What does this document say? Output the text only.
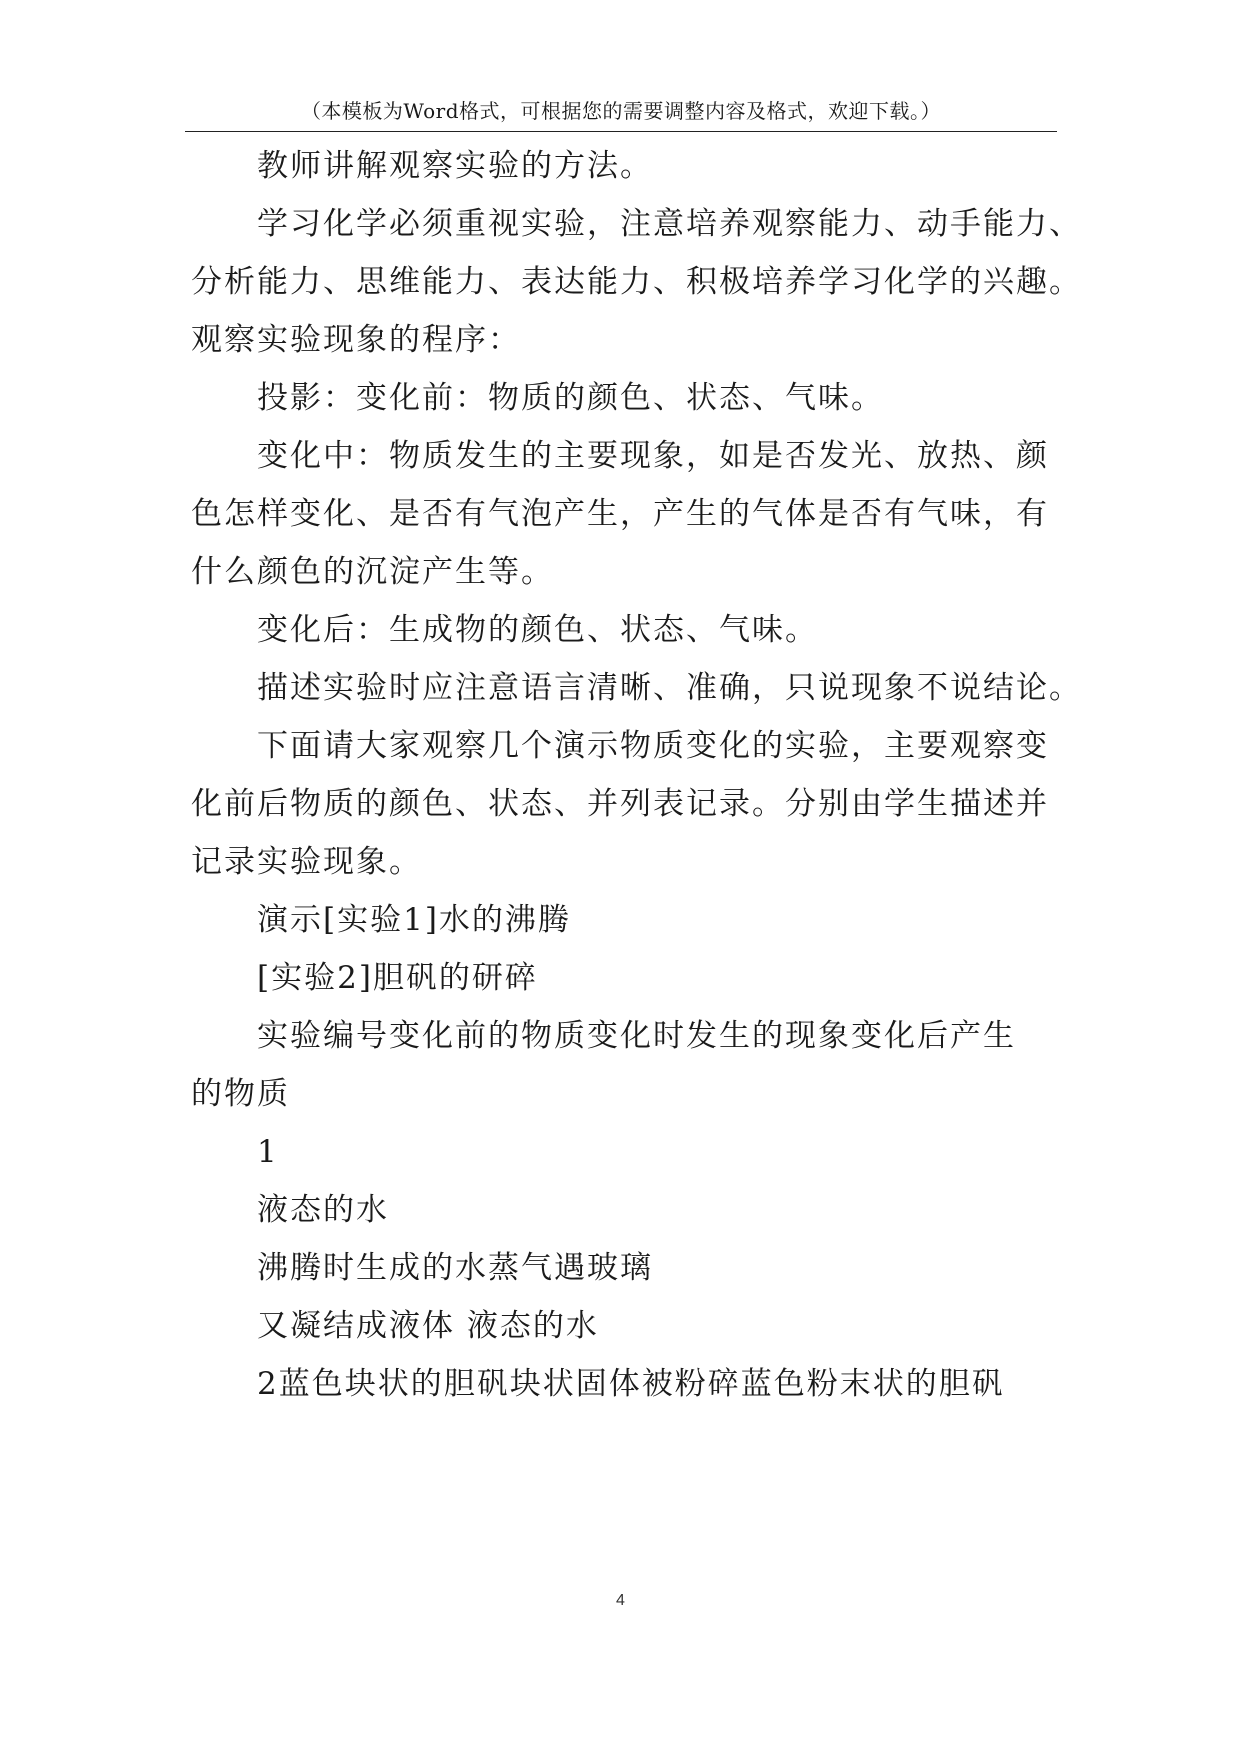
（本模板为Word格式，可根据您的需要调整内容及格式，欢迎下载。）
教师讲解观察实验的方法。
学习化学必须重视实验，注意培养观察能力、动手能力、
分析能力、思维能力、表达能力、积极培养学习化学的兴趣。
观察实验现象的程序：
投影：变化前：物质的颜色、状态、气味。
变化中：物质发生的主要现象，如是否发光、放热、颜
色怎样变化、是否有气泡产生，产生的气体是否有气味，有
什么颜色的沉淀产生等。
变化后：生成物的颜色、状态、气味。
描述实验时应注意语言清晰、准确，只说现象不说结论。
下面请大家观察几个演示物质变化的实验，主要观察变
化前后物质的颜色、状态、并列表记录。分别由学生描述并
记录实验现象。
演示[实验1]水的沸腾
[实验2]胆矾的研碎
实验编号变化前的物质变化时发生的现象变化后产生
的物质
1
液态的水
沸腾时生成的水蒸气遇玻璃
又凝结成液体 液态的水
2蓝色块状的胆矾块状固体被粉碎蓝色粉末状的胆矾
4
